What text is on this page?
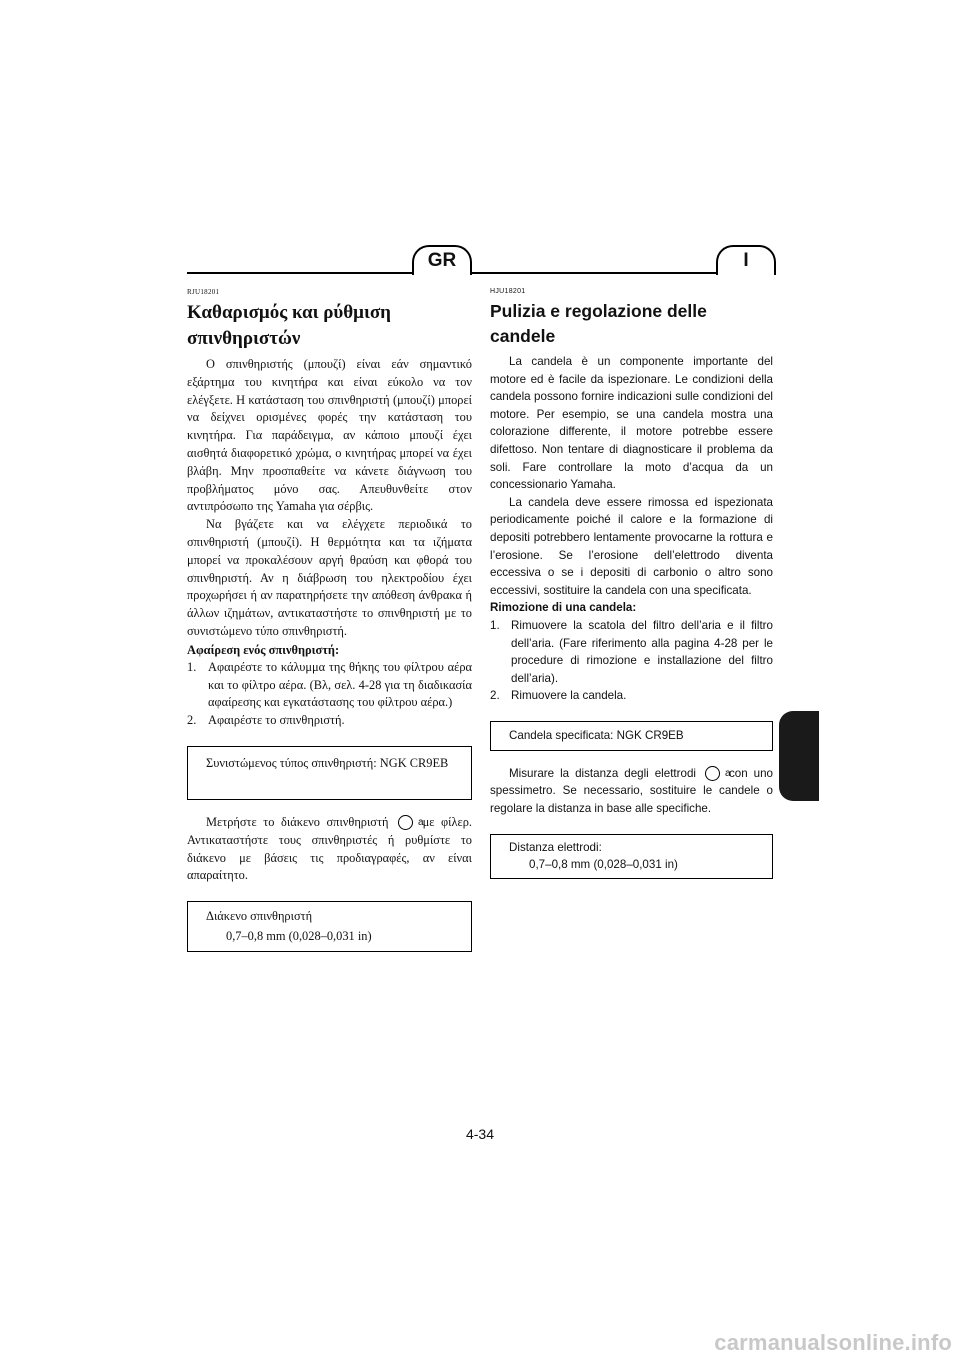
GR	I
RJU18201
Καθαρισμός και ρύθμιση
σπινθηριστών

Ο σπινθηριστής (μπουζί) είναι εάν σημαντικό εξάρτημα του κινητήρα και είναι εύκολο να τον ελέγξετε. Η κατάσταση του σπινθηριστή (μπουζί) μπορεί να δείχνει ορισμένες φορές την κατάσταση του κινητήρα. Για παράδειγμα, αν κάποιο μπουζί έχει αισθητά διαφορετικό χρώμα, ο κινητήρας μπορεί να έχει βλάβη. Μην προσπαθείτε να κάνετε διάγνωση του προβλήματος μόνο σας. Απευθυνθείτε στον αντιπρόσωπο της Yamaha για σέρβις.

Να βγάζετε και να ελέγχετε περιοδικά το σπινθηριστή (μπουζί). Η θερμότητα και τα ιζήματα μπορεί να προκαλέσουν αργή θραύση και φθορά του σπινθηριστή. Αν η διάβρωση του ηλεκτροδίου έχει προχωρήσει ή αν παρατηρήσετε την απόθεση άνθρακα ή άλλων ιζημάτων, αντικαταστήστε το σπινθηριστή με το συνιστώμενο τύπο σπινθηριστή.

Αφαίρεση ενός σπινθηριστή:

1. Αφαιρέστε το κάλυμμα της θήκης του φίλτρου αέρα και το φίλτρο αέρα. (Βλ, σελ. 4-28 για τη διαδικασία αφαίρεσης και εγκατάστασης του φίλτρου αέρα.)
2. Αφαιρέστε το σπινθηριστή.
Συνιστώμενος τύπος σπινθηριστή: NGK CR9EB

Μετρήστε το διάκενο σπινθηριστή	a με φίλερ. Αντικαταστήστε τους σπινθηριστές ή ρυθμίστε το διάκενο με βάσεις τις προδιαγραφές, αν είναι απαραίτητο.

Διάκενο σπινθηριστή
0,7–0,8 mm (0,028–0,031 in)
HJU18201
Pulizia e regolazione delle
candele

La candela è un componente importante del motore ed è facile da ispezionare. Le condizioni della candela possono fornire indicazioni sulle condizioni del motore. Per esempio, se una candela mostra una colorazione differente, il motore potrebbe essere difettoso. Non tentare di diagnosticare il problema da soli. Fare controllare la moto d’acqua da un concessionario Yamaha.

La candela deve essere rimossa ed ispezionata periodicamente poiché il calore e la formazione di depositi potrebbero lentamente provocarne la rottura e l’erosione. Se l’erosione dell’elettrodo diventa eccessiva o se i depositi di carbonio o altro sono eccessivi, sostituire la candela con una specificata.

Rimozione di una candela:

1. Rimuovere la scatola del filtro dell’aria e il filtro dell’aria. (Fare riferimento alla pagina 4-28 per le procedure di rimozione e installazione del filtro dell’aria).
2. Rimuovere la candela.
Candela specificata: NGK CR9EB

Misurare la distanza degli elettrodi	a con uno spessimetro. Se necessario, sostituire le candele o regolare la distanza in base alle specifiche.

Distanza elettrodi:
0,7–0,8 mm (0,028–0,031 in)
4-34
carmanualsonline.info
